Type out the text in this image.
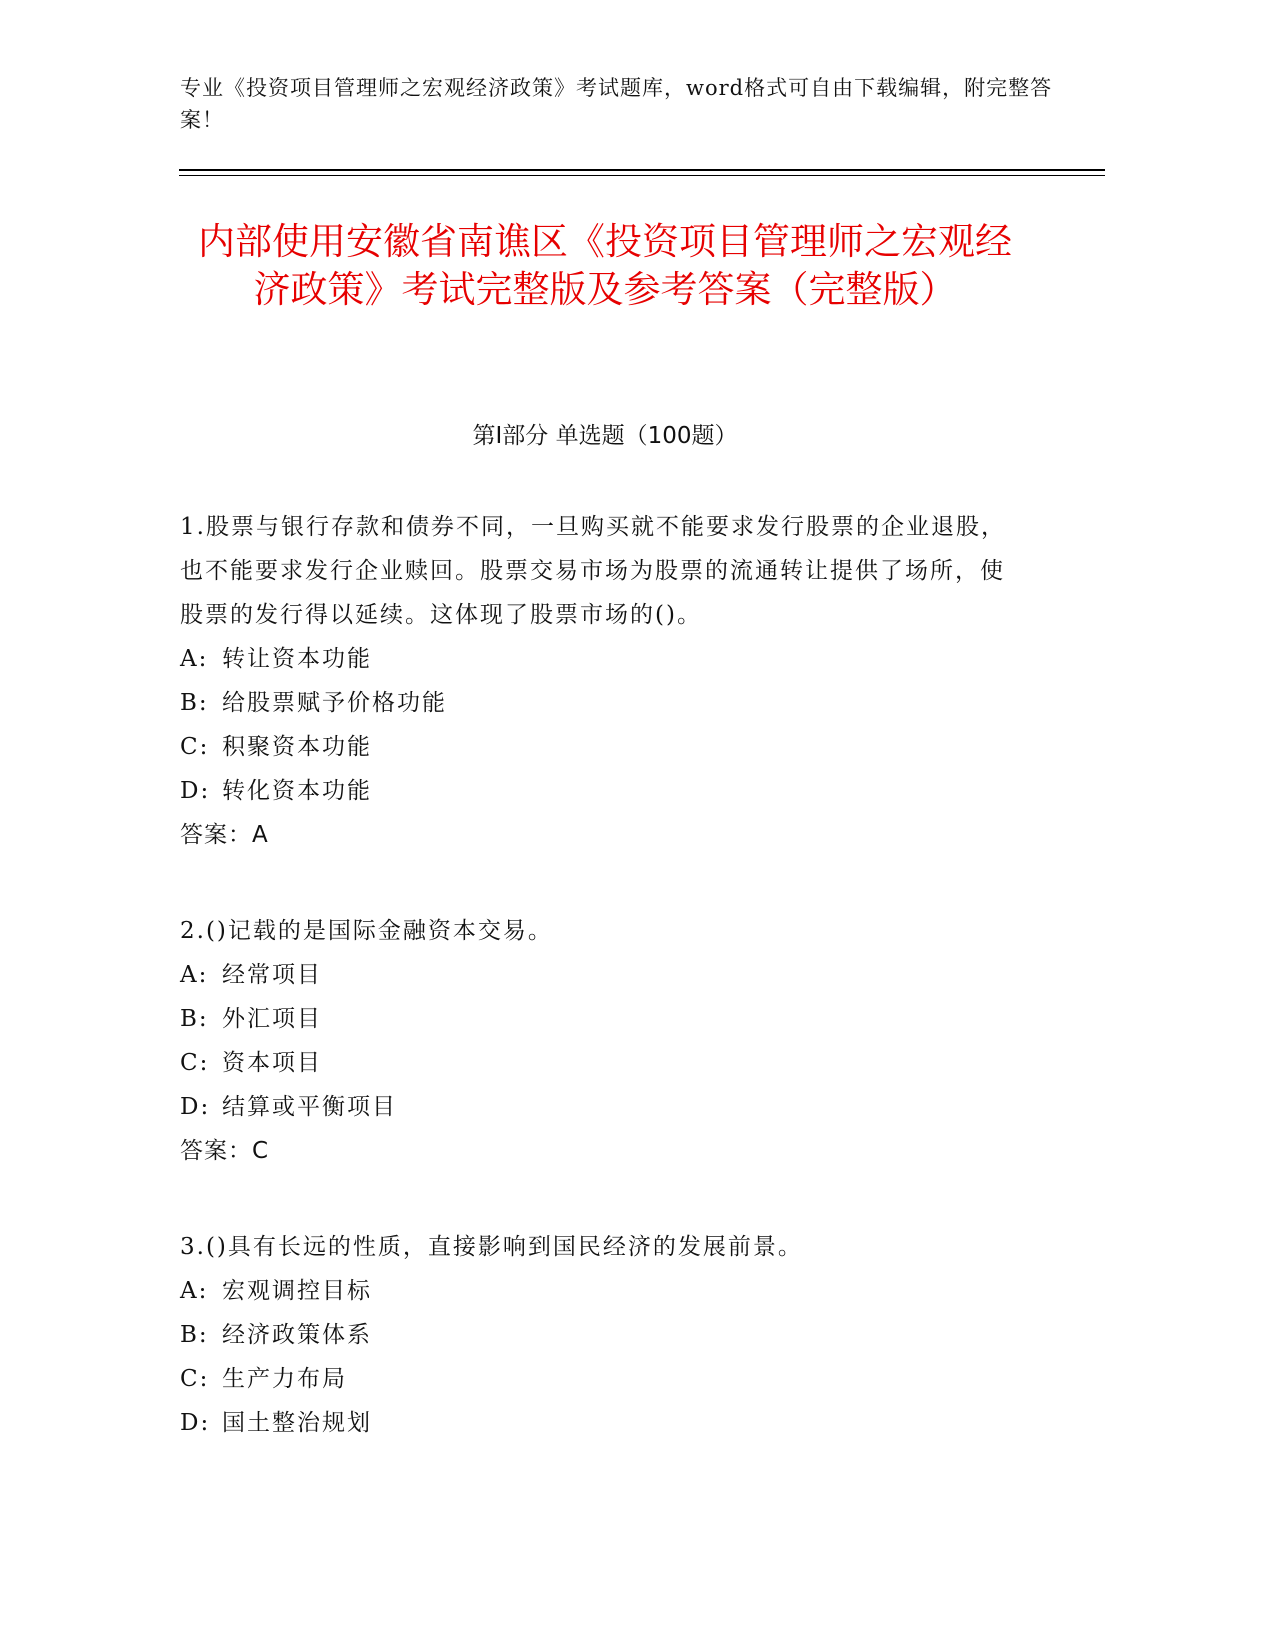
专业《投资项目管理师之宏观经济政策》考试题库，word格式可自由下载编辑，附完整答案！
内部使用安徽省南谯区《投资项目管理师之宏观经济政策》考试完整版及参考答案（完整版）
第I部分 单选题（100题）
1.股票与银行存款和债券不同，一旦购买就不能要求发行股票的企业退股，也不能要求发行企业赎回。股票交易市场为股票的流通转让提供了场所，使股票的发行得以延续。这体现了股票市场的()。
A: 转让资本功能
B: 给股票赋予价格功能
C: 积聚资本功能
D: 转化资本功能
答案：A
2.()记载的是国际金融资本交易。
A: 经常项目
B: 外汇项目
C: 资本项目
D: 结算或平衡项目
答案：C
3.()具有长远的性质，直接影响到国民经济的发展前景。
A: 宏观调控目标
B: 经济政策体系
C: 生产力布局
D: 国土整治规划
